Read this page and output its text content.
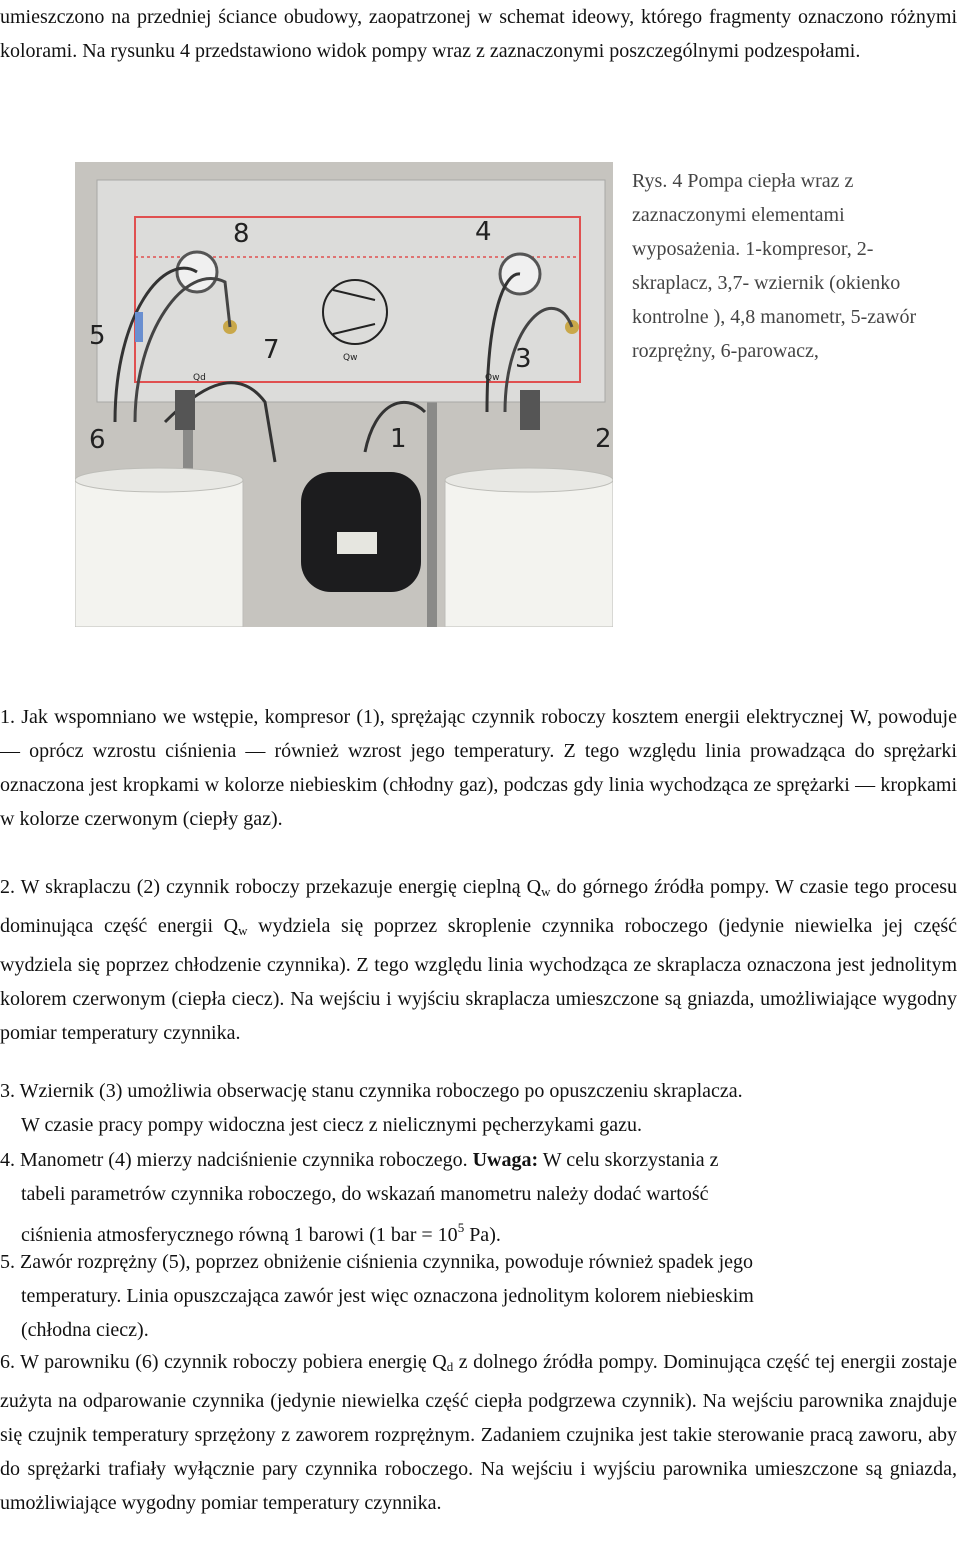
umieszczono na przedniej ściance obudowy, zaopatrzonej w schemat ideowy, którego fragmenty oznaczono różnymi kolorami. Na rysunku 4 przedstawiono widok pompy wraz z zaznaczonymi poszczególnymi podzespołami.

1	2
3
4
5
6
7
8
Qd
Qw
Qw

Rys. 4 Pompa ciepła wraz z zaznaczonymi elementami wyposażenia. 1-kompresor, 2-skraplacz, 3,7- wziernik (okienko kontrolne ), 4,8 manometr, 5-zawór rozprężny, 6-parowacz,

1. Jak wspomniano we wstępie, kompresor (1), sprężając czynnik roboczy kosztem energii elektrycznej W, powoduje — oprócz wzrostu ciśnienia — również wzrost jego temperatury. Z tego względu linia prowadząca do sprężarki oznaczona jest kropkami w kolorze niebieskim (chłodny gaz), podczas gdy linia wychodząca ze sprężarki — kropkami w kolorze czerwonym (ciepły gaz).

2. W skraplaczu (2) czynnik roboczy przekazuje energię cieplną $Q_w$ do górnego źródła pompy. W czasie tego procesu dominująca część energii $Q_w$ wydziela się poprzez skroplenie czynnika roboczego (jedynie niewielka jej część wydziela się poprzez chłodzenie czynnika). Z tego względu linia wychodząca ze skraplacza oznaczona jest jednolitym kolorem czerwonym (ciepła ciecz). Na wejściu i wyjściu skraplacza umieszczone są gniazda, umożliwiające wygodny pomiar temperatury czynnika.

3. Wziernik (3) umożliwia obserwację stanu czynnika roboczego po opuszczeniu skraplacza.
W czasie pracy pompy widoczna jest ciecz z nielicznymi pęcherzykami gazu.
4. Manometr (4) mierzy nadciśnienie czynnika roboczego. Uwaga: W celu skorzystania z
tabeli parametrów czynnika roboczego, do wskazań manometru należy dodać wartość
ciśnienia atmosferycznego równą 1 barowi (1 bar = $10^5$ Pa).
5. Zawór rozprężny (5), poprzez obniżenie ciśnienia czynnika, powoduje również spadek jego
temperatury. Linia opuszczająca zawór jest więc oznaczona jednolitym kolorem niebieskim
(chłodna ciecz).

6. W parowniku (6) czynnik roboczy pobiera energię $Q_d$ z dolnego źródła pompy. Dominująca część tej energii zostaje zużyta na odparowanie czynnika (jedynie niewielka część ciepła podgrzewa czynnik). Na wejściu parownika znajduje się czujnik temperatury sprzężony z zaworem rozprężnym. Zadaniem czujnika jest takie sterowanie pracą zaworu, aby do sprężarki trafiały wyłącznie pary czynnika roboczego. Na wejściu i wyjściu parownika umieszczone są gniazda, umożliwiające wygodny pomiar temperatury czynnika.
